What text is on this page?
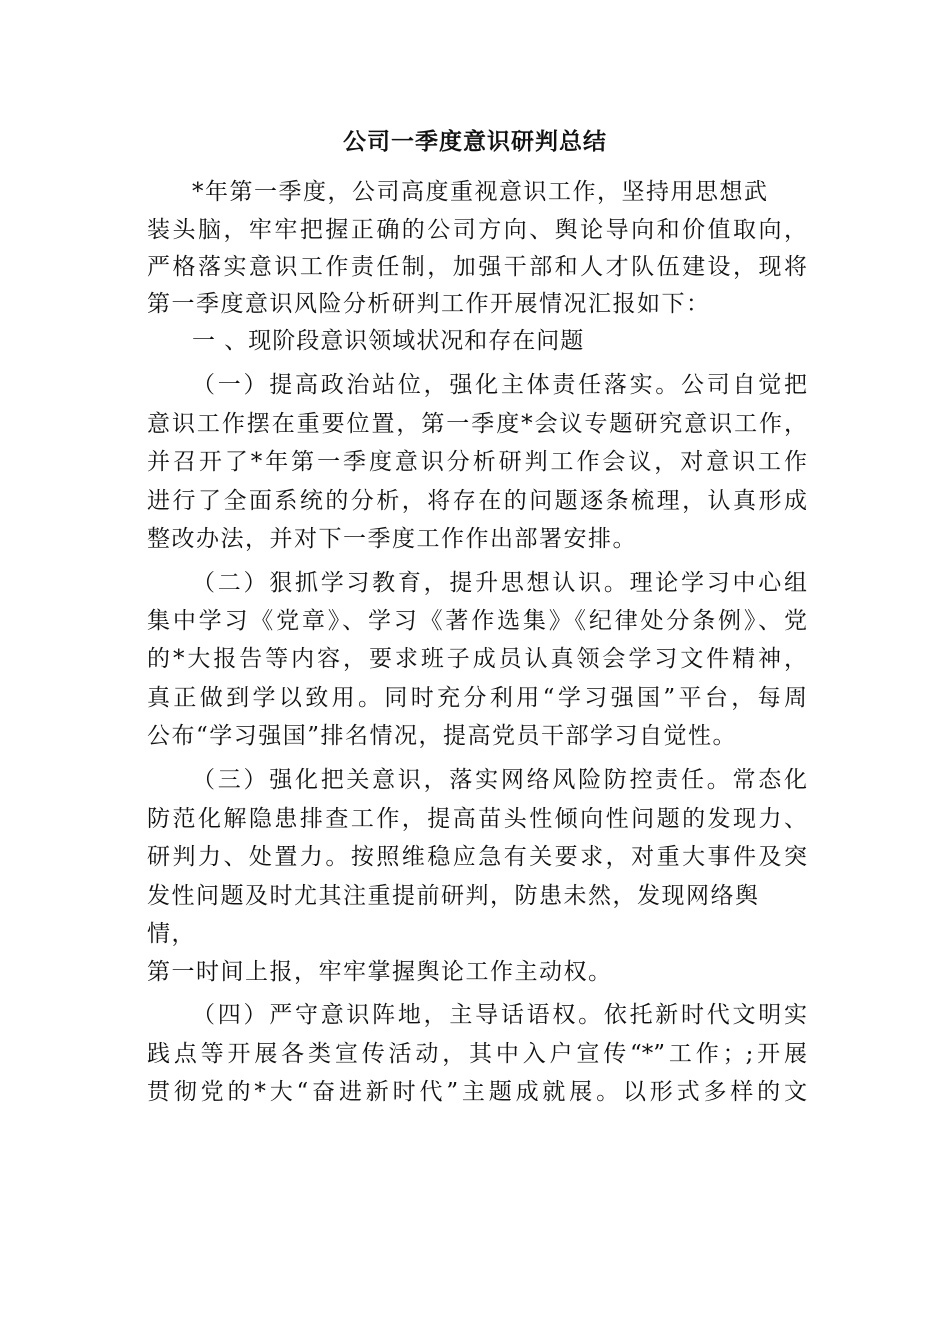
公司一季度意识研判总结
*年第一季度，公司高度重视意识工作，坚持用思想武
装头脑，牢牢把握正确的公司方向、舆论导向和价值取向，
严格落实意识工作责任制，加强干部和人才队伍建设，现将
第一季度意识风险分析研判工作开展情况汇报如下：
一 、现阶段意识领域状况和存在问题
（一）提高政治站位，强化主体责任落实。公司自觉把
意识工作摆在重要位置，第一季度*会议专题研究意识工作，
并召开了*年第一季度意识分析研判工作会议，对意识工作
进行了全面系统的分析，将存在的问题逐条梳理，认真形成
整改办法，并对下一季度工作作出部署安排。
（二）狠抓学习教育，提升思想认识。理论学习中心组
集中学习《党章》、学习《著作选集》《纪律处分条例》、党
的*大报告等内容，要求班子成员认真领会学习文件精神，
真正做到学以致用。同时充分利用“学习强国”平台，每周
公布“学习强国”排名情况，提高党员干部学习自觉性。
（三）强化把关意识，落实网络风险防控责任。常态化
防范化解隐患排查工作，提高苗头性倾向性问题的发现力、
研判力、处置力。按照维稳应急有关要求，对重大事件及突
发性问题及时尤其注重提前研判，防患未然，发现网络舆
情，
第一时间上报，牢牢掌握舆论工作主动权。
（四）严守意识阵地，主导话语权。依托新时代文明实
践点等开展各类宣传活动，其中入户宣传“*”工作；;开展
贯彻党的*大“奋进新时代”主题成就展。以形式多样的文
